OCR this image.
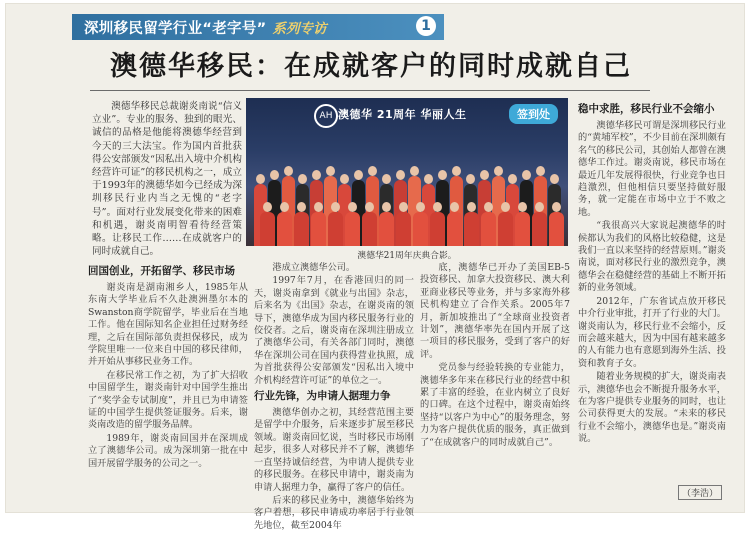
深圳移民留学行业“老字号” 系列专访	1
澳德华移民：在成就客户的同时成就自己

澳德华移民总裁谢炎南说“信义立业”。专业的服务、独到的眼光、诚信的品格是他能将澳德华经营到今天的三大法宝。作为国内首批获得公安部颁发“因私出入境中介机构经营许可证”的移民机构之一，成立于1993年的澳德华如今已经成为深圳移民行业内当之无愧的“老字号”。面对行业发展变化带来的困难和机遇，谢炎南明智看待经营策略。让移民工作……在成就客户的同时成就自己。

AH 澳德华 21周年 华丽人生	签到处
澳德华21周年庆典合影。
回国创业，开拓留学、移民市场

谢炎南是湖南湘乡人，1985年从东南大学毕业后不久赴澳洲墨尔本的Swanston商学院留学，毕业后在当地工作。他在国际知名企业担任过财务经理，之后在国际部负责担保移民，成为学院里唯一一位来自中国的移民律师，并开始从事移民业务工作。

在移民常工作之初，为了扩大招收中国留学生，谢炎南针对中国学生推出了“奖学金专试制度”，并且已为申请签证的中国学生提供签证服务。后来，谢炎南改造的留学服务品牌。

1989年，谢炎南回国并在深圳成立了澳德华公司。成为深圳第一批在中国开展留学服务的公司之一。

港成立澳德华公司。

1997年7月，在香港回归的同一天，谢炎南拿到《就业与出国》杂志，后来名为《出国》杂志，在谢炎南的领导下，澳德华成为国内移民服务行业的佼佼者。之后，谢炎南在深圳注册成立了澳德华公司，有关各部门同时，澳德华在深圳公司在国内获得营业执照，成为首批获得公安部颁发“因私出入境中介机构经营许可证”的单位之一。

行业先锋，为申请人据理力争

澳德华创办之初，其经营范围主要是留学中介服务，后来逐步扩展至移民领域。谢炎南回忆说，当时移民市场刚起步，很多人对移民并不了解，澳德华一直坚持诚信经营，为申请人提供专业的移民服务。在移民申请中，谢炎南为申请人据理力争，赢得了客户的信任。

后来的移民业务中，澳德华始终为客户着想，移民申请成功率居于行业领先地位，截至2004年

底，澳德华已开办了美国EB-5投资移民、加拿大投资移民、澳大利亚商业移民等业务，并与多家海外移民机构建立了合作关系。2005年7月，新加坡推出了“全球商业投资者计划”，澳德华率先在国内开展了这一项目的移民服务，受到了客户的好评。

党员参与经验转换的专业能力，澳德华多年来在移民行业的经营中积累了丰富的经验，在业内树立了良好的口碑。在这个过程中，谢炎南始终坚持“以客户为中心”的服务理念，努力为客户提供优质的服务，真正做到了“在成就客户的同时成就自己”。

稳中求胜，移民行业不会缩小

澳德华移民可谓是深圳移民行业的“黄埔军校”，不少目前在深圳颇有名气的移民公司，其创始人都曾在澳德华工作过。谢炎南说，移民市场在最近几年发展得很快，行业竞争也日趋激烈，但他相信只要坚持做好服务，就一定能在市场中立于不败之地。

“我很高兴大家说起澳德华的时候都认为我们的风格比较稳健，这是我们一直以来坚持的经营原则。”谢炎南说，面对移民行业的激烈竞争，澳德华会在稳健经营的基础上不断开拓新的业务领域。

2012年，广东省试点放开移民中介行业审批，打开了行业的大门。谢炎南认为，移民行业不会缩小，反而会越来越大，因为中国有越来越多的人有能力也有意愿到海外生活、投资和教育子女。

随着业务规模的扩大，谢炎南表示，澳德华也会不断提升服务水平，在为客户提供专业服务的同时，也让公司获得更大的发展。“未来的移民行业不会缩小，澳德华也是。”谢炎南说。

（李浩）
